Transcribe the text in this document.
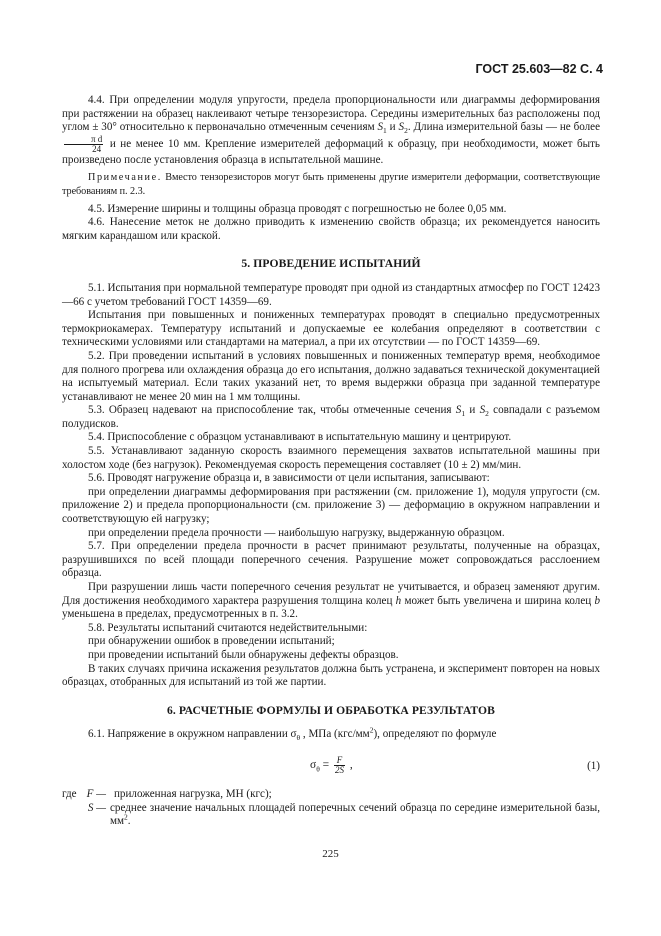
ГОСТ 25.603—82 С. 4

4.4. При определении модуля упругости, предела пропорциональности или диаграммы деформирования при растяжении на образец наклеивают четыре тензорезистора. Середины измерительных баз расположены под углом ± 30° относительно к первоначально отмеченным сечениям $S_1$ и $S_2$. Длина измерительной базы — не более
$\frac{\text{π d}}{24}$ и не менее 10 мм. Крепление измерителей деформаций к образцу, при необходимости, может быть произведено после установления образца в испытательной машине.

Примечание. Вместо тензорезисторов могут быть применены другие измерители деформации, соответствующие требованиям п. 2.3.

4.5. Измерение ширины и толщины образца проводят с погрешностью не более 0,05 мм.

4.6. Нанесение меток не должно приводить к изменению свойств образца; их рекомендуется наносить мягким карандашом или краской.

5. ПРОВЕДЕНИЕ ИСПЫТАНИЙ

5.1. Испытания при нормальной температуре проводят при одной из стандартных атмосфер по ГОСТ 12423—66 с учетом требований ГОСТ 14359—69.

Испытания при повышенных и пониженных температурах проводят в специально предусмотренных термокриокамерах. Температуру испытаний и допускаемые ее колебания определяют в соответствии с техническими условиями или стандартами на материал, а при их отсутствии — по ГОСТ 14359—69.

5.2. При проведении испытаний в условиях повышенных и пониженных температур время, необходимое для полного прогрева или охлаждения образца до его испытания, должно задаваться технической документацией на испытуемый материал. Если таких указаний нет, то время выдержки образца при заданной температуре устанавливают не менее 20 мин на 1 мм толщины.

5.3. Образец надевают на приспособление так, чтобы отмеченные сечения $S_1$ и $S_2$ совпадали с разъемом полудисков.

5.4. Приспособление с образцом устанавливают в испытательную машину и центрируют.

5.5. Устанавливают заданную скорость взаимного перемещения захватов испытательной машины при холостом ходе (без нагрузок). Рекомендуемая скорость перемещения составляет (10 ± 2) мм/мин.

5.6. Проводят нагружение образца и, в зависимости от цели испытания, записывают:

при определении диаграммы деформирования при растяжении (см. приложение 1), модуля упругости (см. приложение 2) и предела пропорциональности (см. приложение 3) — деформацию в окружном направлении и соответствующую ей нагрузку;

при определении предела прочности — наибольшую нагрузку, выдержанную образцом.

5.7. При определении предела прочности в расчет принимают результаты, полученные на образцах, разрушившихся по всей площади поперечного сечения. Разрушение может сопровождаться расслоением образца.

При разрушении лишь части поперечного сечения результат не учитывается, и образец заменяют другим. Для достижения необходимого характера разрушения толщина колец h может быть увеличена и ширина колец b уменьшена в пределах, предусмотренных в п. 3.2.

5.8. Результаты испытаний считаются недействительными:

при обнаружении ошибок в проведении испытаний;

при проведении испытаний были обнаружены дефекты образцов.

В таких случаях причина искажения результатов должна быть устранена, и эксперимент повторен на новых образцах, отобранных для испытаний из той же партии.

6. РАСЧЕТНЫЕ ФОРМУЛЫ И ОБРАБОТКА РЕЗУЛЬТАТОВ

6.1. Напряжение в окружном направлении $\sigma_\theta$ , МПа $(кгс/мм^2)$, определяют по формуле

$\sigma_\theta = \frac{F}{2S}$ ,	(1)
где F — приложенная нагрузка, МН (кгс);
S — среднее значение начальных площадей поперечных сечений образца по середине измерительной базы, $мм^2$.
225
